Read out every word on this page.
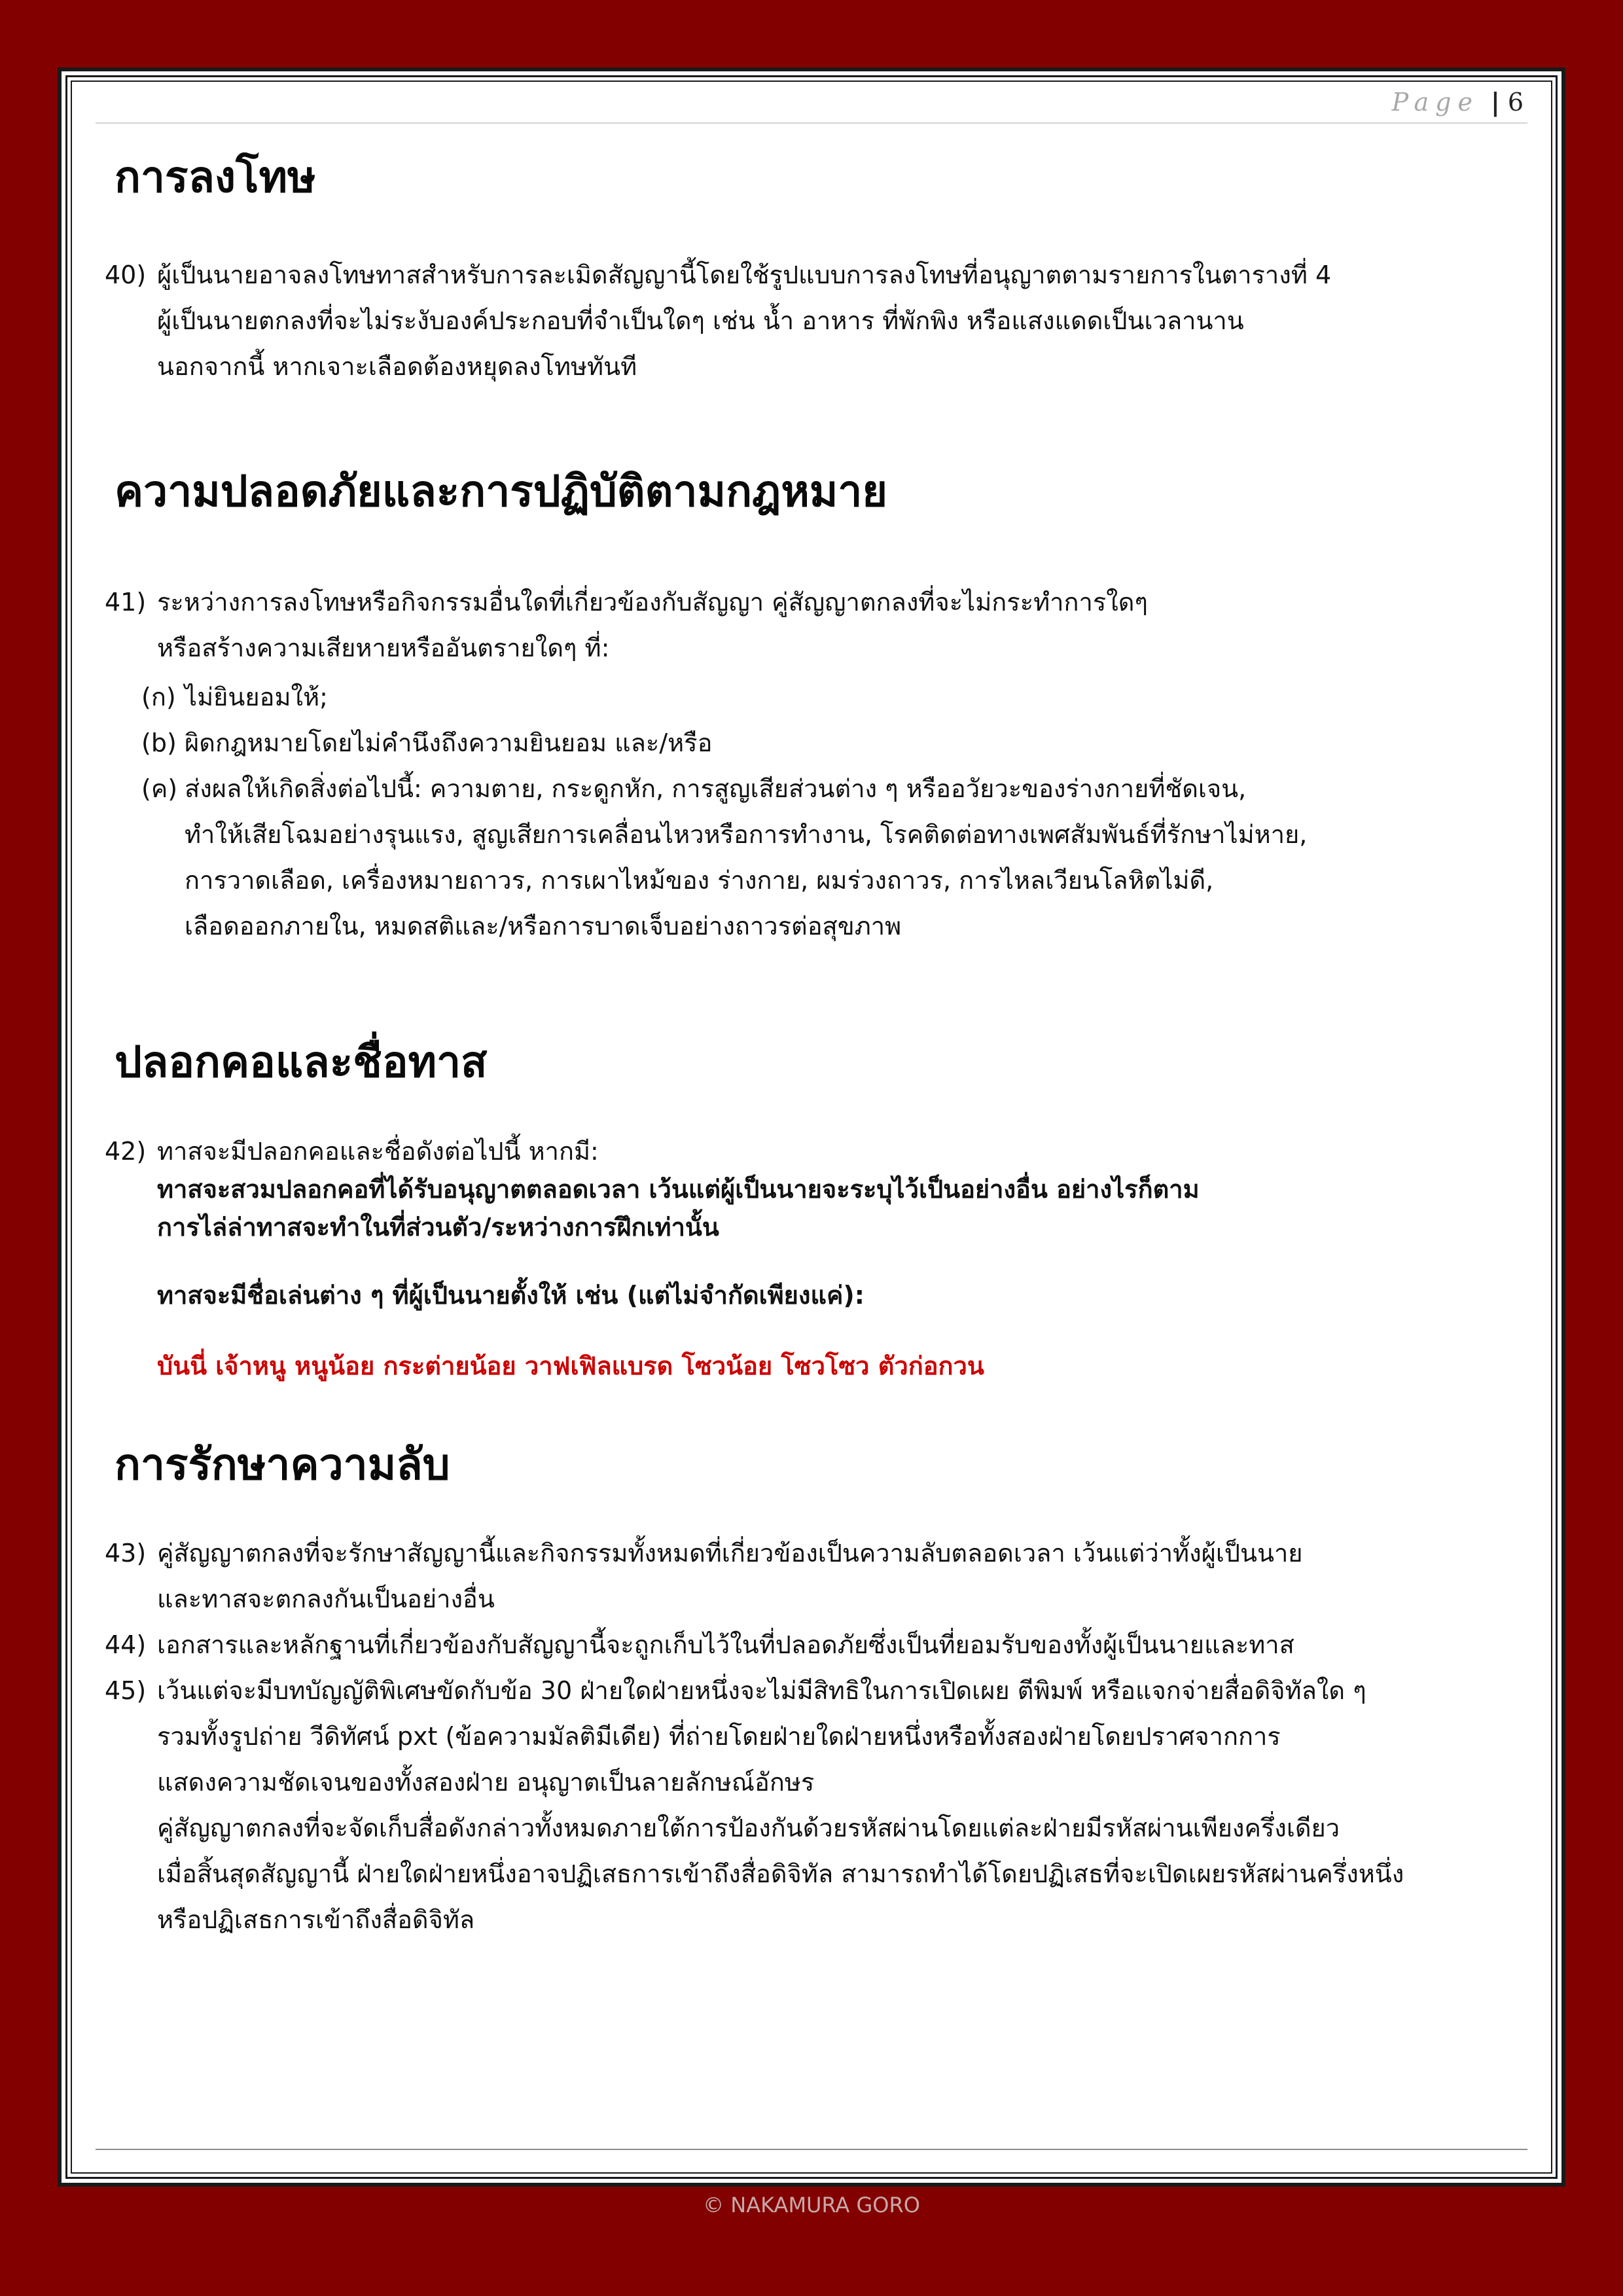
Page | 6
การลงโทษ
40) ผู้เป็นนายอาจลงโทษทาสสำหรับการละเมิดสัญญานี้โดยใช้รูปแบบการลงโทษที่อนุญาตตามรายการในตารางที่ 4
ผู้เป็นนายตกลงที่จะไม่ระงับองค์ประกอบที่จำเป็นใดๆ เช่น น้ำ อาหาร ที่พักพิง หรือแสงแดดเป็นเวลานาน
นอกจากนี้ หากเจาะเลือดต้องหยุดลงโทษทันที
ความปลอดภัยและการปฏิบัติตามกฎหมาย
41) ระหว่างการลงโทษหรือกิจกรรมอื่นใดที่เกี่ยวข้องกับสัญญา คู่สัญญาตกลงที่จะไม่กระทำการใดๆ
หรือสร้างความเสียหายหรืออันตรายใดๆ ที่:
(ก) ไม่ยินยอมให้;
(b) ผิดกฎหมายโดยไม่คำนึงถึงความยินยอม และ/หรือ
(ค) ส่งผลให้เกิดสิ่งต่อไปนี้: ความตาย, กระดูกหัก, การสูญเสียส่วนต่าง ๆ หรืออวัยวะของร่างกายที่ชัดเจน,
ทำให้เสียโฉมอย่างรุนแรง, สูญเสียการเคลื่อนไหวหรือการทำงาน, โรคติดต่อทางเพศสัมพันธ์ที่รักษาไม่หาย,
การวาดเลือด, เครื่องหมายถาวร, การเผาไหม้ของ ร่างกาย, ผมร่วงถาวร, การไหลเวียนโลหิตไม่ดี,
เลือดออกภายใน, หมดสติและ/หรือการบาดเจ็บอย่างถาวรต่อสุขภาพ
ปลอกคอและชื่อทาส
42) ทาสจะมีปลอกคอและชื่อดังต่อไปนี้ หากมี:
ทาสจะสวมปลอกคอที่ได้รับอนุญาตตลอดเวลา เว้นแต่ผู้เป็นนายจะระบุไว้เป็นอย่างอื่น อย่างไรก็ตาม
การไล่ล่าทาสจะทำในที่ส่วนตัว/ระหว่างการฝึกเท่านั้น
ทาสจะมีชื่อเล่นต่าง ๆ ที่ผู้เป็นนายตั้งให้ เช่น (แต่ไม่จำกัดเพียงแค่):
บันนี่ เจ้าหนู หนูน้อย กระต่ายน้อย วาฟเฟิลแบรด โซวน้อย โซวโซว ตัวก่อกวน
การรักษาความลับ
43) คู่สัญญาตกลงที่จะรักษาสัญญานี้และกิจกรรมทั้งหมดที่เกี่ยวข้องเป็นความลับตลอดเวลา เว้นแต่ว่าทั้งผู้เป็นนาย
และทาสจะตกลงกันเป็นอย่างอื่น
44) เอกสารและหลักฐานที่เกี่ยวข้องกับสัญญานี้จะถูกเก็บไว้ในที่ปลอดภัยซึ่งเป็นที่ยอมรับของทั้งผู้เป็นนายและทาส
45) เว้นแต่จะมีบทบัญญัติพิเศษขัดกับข้อ 30 ฝ่ายใดฝ่ายหนึ่งจะไม่มีสิทธิในการเปิดเผย ตีพิมพ์ หรือแจกจ่ายสื่อดิจิทัลใด ๆ
รวมทั้งรูปถ่าย วีดิทัศน์ pxt (ข้อความมัลติมีเดีย) ที่ถ่ายโดยฝ่ายใดฝ่ายหนึ่งหรือทั้งสองฝ่ายโดยปราศจากการ
แสดงความชัดเจนของทั้งสองฝ่าย อนุญาตเป็นลายลักษณ์อักษร
คู่สัญญาตกลงที่จะจัดเก็บสื่อดังกล่าวทั้งหมดภายใต้การป้องกันด้วยรหัสผ่านโดยแต่ละฝ่ายมีรหัสผ่านเพียงครึ่งเดียว
เมื่อสิ้นสุดสัญญานี้ ฝ่ายใดฝ่ายหนึ่งอาจปฏิเสธการเข้าถึงสื่อดิจิทัล สามารถทำได้โดยปฏิเสธที่จะเปิดเผยรหัสผ่านครึ่งหนึ่ง
หรือปฏิเสธการเข้าถึงสื่อดิจิทัล
© NAKAMURA GORO
